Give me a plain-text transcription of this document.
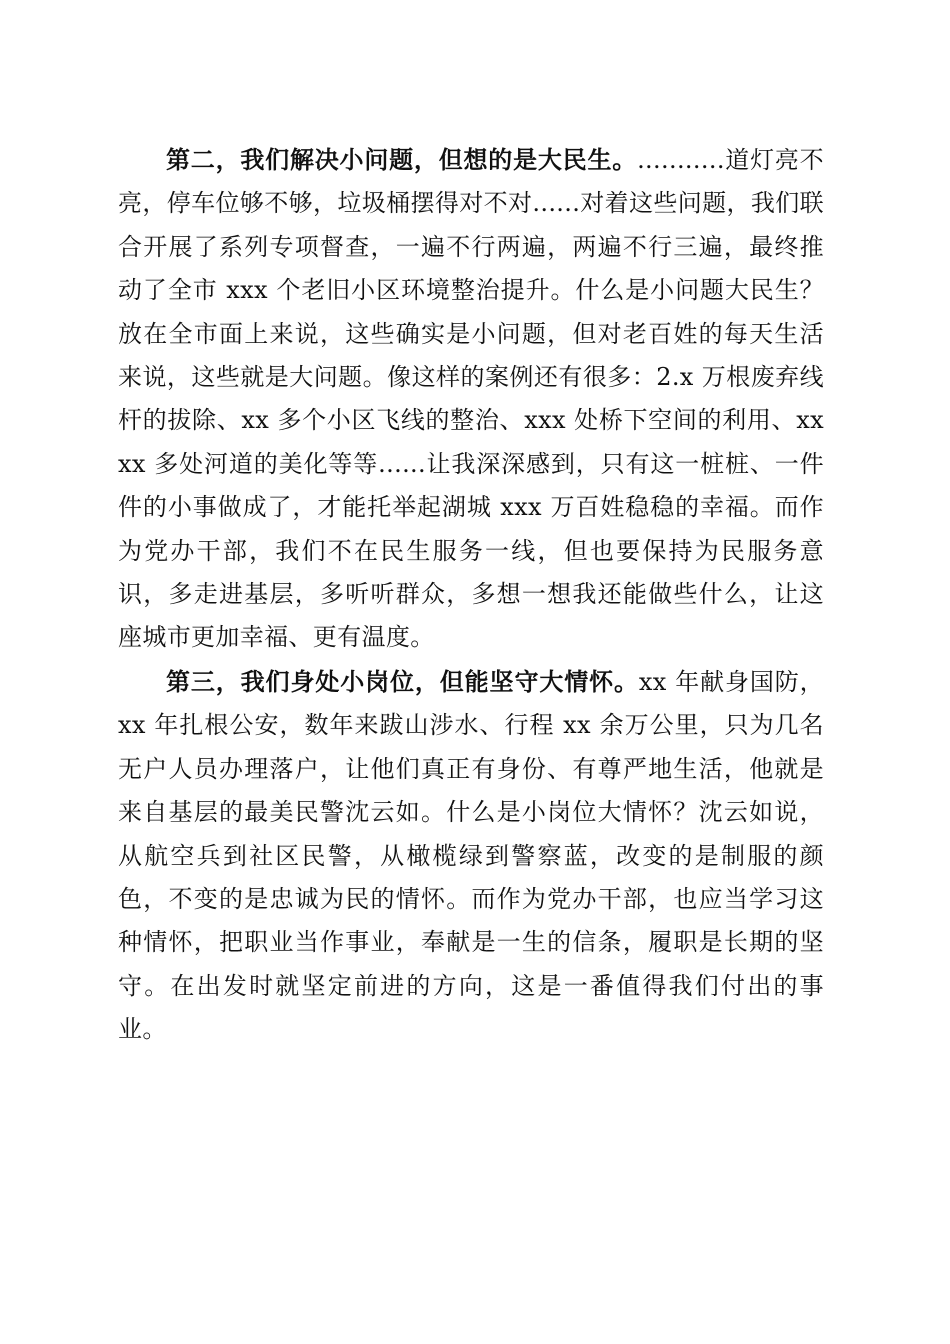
第二，我们解决小问题，但想的是大民生。...........道灯亮不亮，停车位够不够，垃圾桶摆得对不对......对着这些问题，我们联合开展了系列专项督查，一遍不行两遍，两遍不行三遍，最终推动了全市 xxx 个老旧小区环境整治提升。什么是小问题大民生？放在全市面上来说，这些确实是小问题，但对老百姓的每天生活来说，这些就是大问题。像这样的案例还有很多：2.x 万根废弃线杆的拔除、xx 多个小区飞线的整治、xxx 处桥下空间的利用、xxxx 多处河道的美化等等......让我深深感到，只有这一桩桩、一件件的小事做成了，才能托举起湖城 xxx 万百姓稳稳的幸福。而作为党办干部，我们不在民生服务一线，但也要保持为民服务意识，多走进基层，多听听群众，多想一想我还能做些什么，让这座城市更加幸福、更有温度。

第三，我们身处小岗位，但能坚守大情怀。xx 年献身国防，xx 年扎根公安，数年来跋山涉水、行程 xx 余万公里，只为几名无户人员办理落户，让他们真正有身份、有尊严地生活，他就是来自基层的最美民警沈云如。什么是小岗位大情怀？沈云如说，从航空兵到社区民警，从橄榄绿到警察蓝，改变的是制服的颜色，不变的是忠诚为民的情怀。而作为党办干部，也应当学习这种情怀，把职业当作事业，奉献是一生的信条，履职是长期的坚守。在出发时就坚定前进的方向，这是一番值得我们付出的事业。
